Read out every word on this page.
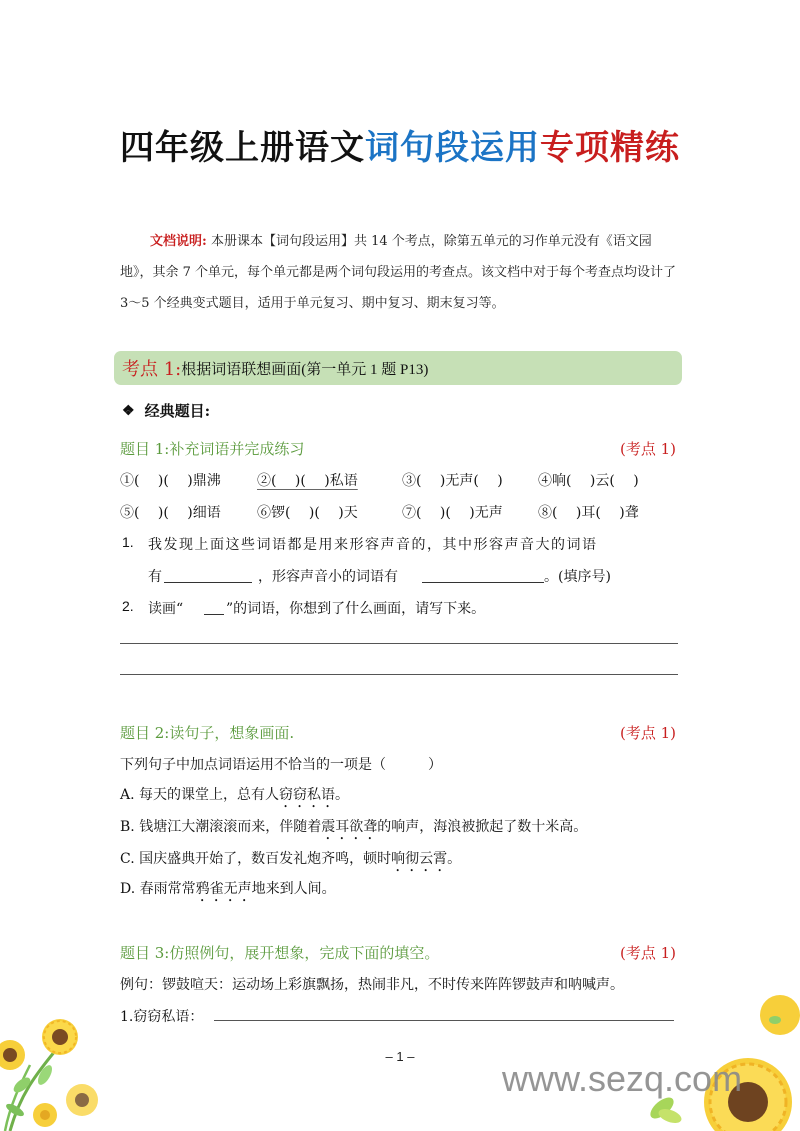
四年级上册语文词句段运用专项精练
文档说明: 本册课本【词句段运用】共 14 个考点，除第五单元的习作单元没有《语文园地》，其余 7 个单元，每个单元都是两个词句段运用的考查点。该文档中对于每个考查点均设计了 3～5 个经典变式题目，适用于单元复习、期中复习、期末复习等。
考点 1: 根据词语联想画面(第一单元 1 题 P13)
❖ 经典题目:
题目 1:补充词语并完成练习	(考点 1)
①(　 )(　 )鼎沸	②(　 )(　 )私语	③(　 )无声(　 )	④响(　 )云(　 )
⑤(　 )(　 )细语	⑥锣(　 )(　 )天	⑦(　 )(　 )无声	⑧(　 )耳(　 )聋
1. 我发现上面这些词语都是用来形容声音的，其中形容声音大的词语
有	，形容声音小的词语有	。(填序号)
2. 读画“	”的词语，你想到了什么画面，请写下来。
题目 2:读句子，想象画面.	(考点 1)
下列句子中加点词语运用不恰当的一项是（　　　）
A. 每天的课堂上，总有人窃窃私语。
B. 钱塘江大潮滚滚而来，伴随着震耳欲聋的响声，海浪被掀起了数十米高。
C. 国庆盛典开始了，数百发礼炮齐鸣，顿时响彻云霄。
D. 春雨常常鸦雀无声地来到人间。
题目 3:仿照例句，展开想象，完成下面的填空。	(考点 1)
例句：锣鼓喧天：运动场上彩旗飘扬，热闹非凡，不时传来阵阵锣鼓声和呐喊声。
1.窃窃私语：
– 1 –
www.sezq.com
